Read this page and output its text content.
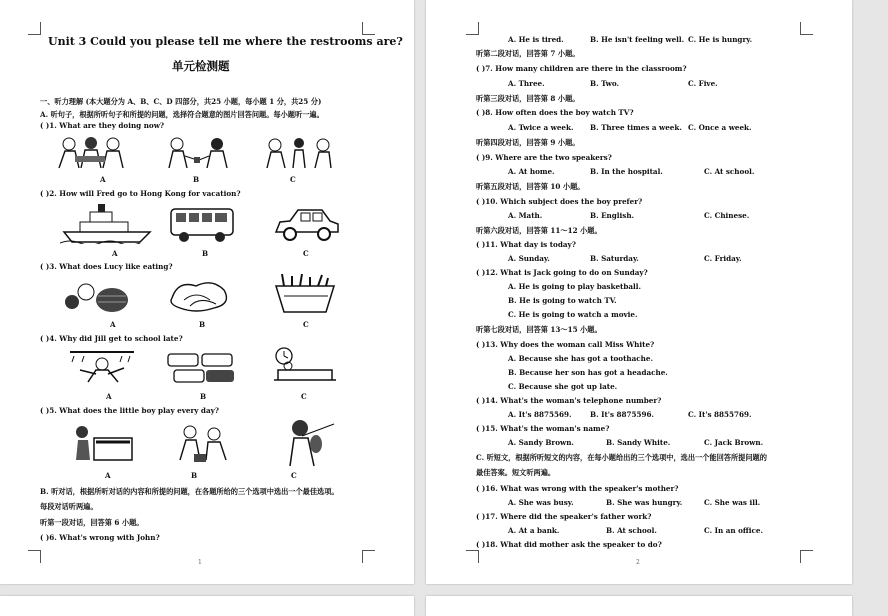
Unit 3 Could you please tell me where the restrooms are?
单元检测题
一、听力理解 (本大题分为 A、B、C、D 四部分，共25 小题，每小题 1 分，共25 分)
A. 听句子，根据所听句子和所提的问题，选择符合题意的图片回答问题。每小题听一遍。
( )1. What are they doing now?
A	B	C
( )2. How will Fred go to Hong Kong for vacation?
A	B	C
( )3. What does Lucy like eating?
A	B	C
( )4. Why did Jill get to school late?
A	B	C
( )5. What does the little boy play every day?
A	B	C
B. 听对话，根据所听对话的内容和所提的问题，在各题所给的三个选项中选出一个最佳选项。
每段对话听两遍。
听第一段对话，回答第 6 小题。
( )6. What's wrong with John?
1
A. He is tired.	B. He isn't feeling well. C. He is hungry.
听第二段对话，回答第 7 小题。
( )7. How many children are there in the classroom?
A. Three.	B. Two.	C. Five.
听第三段对话，回答第 8 小题。
( )8. How often does the boy watch TV?
A. Twice a week. B. Three times a week. C. Once a week.
听第四段对话，回答第 9 小题。
( )9. Where are the two speakers?
A. At home.	B. In the hospital.	C. At school.
听第五段对话，回答第 10 小题。
( )10. Which subject does the boy prefer?
A. Math.	B. English.	C. Chinese.
听第六段对话，回答第 11～12 小题。
( )11. What day is today?
A. Sunday.	B. Saturday.	C. Friday.
( )12. What is Jack going to do on Sunday?
A. He is going to play basketball.
B. He is going to watch TV.
C. He is going to watch a movie.
听第七段对话，回答第 13～15 小题。
( )13. Why does the woman call Miss White?
A. Because she has got a toothache.
B. Because her son has got a headache.
C. Because she got up late.
( )14. What's the woman's telephone number?
A. It's 8875569.	B. It's 8875596.	C. It's 8855769.
( )15. What's the woman's name?
A. Sandy Brown.	B. Sandy White.	C. Jack Brown.
C. 听短文，根据所听短文的内容，在每小题给出的三个选项中，选出一个能回答所提问题的
最佳答案。短文听两遍。
( )16. What was wrong with the speaker's mother?
A. She was busy.	B. She was hungry.	C. She was ill.
( )17. Where did the speaker's father work?
A. At a bank.	B. At school.	C. In an office.
( )18. What did mother ask the speaker to do?
2
